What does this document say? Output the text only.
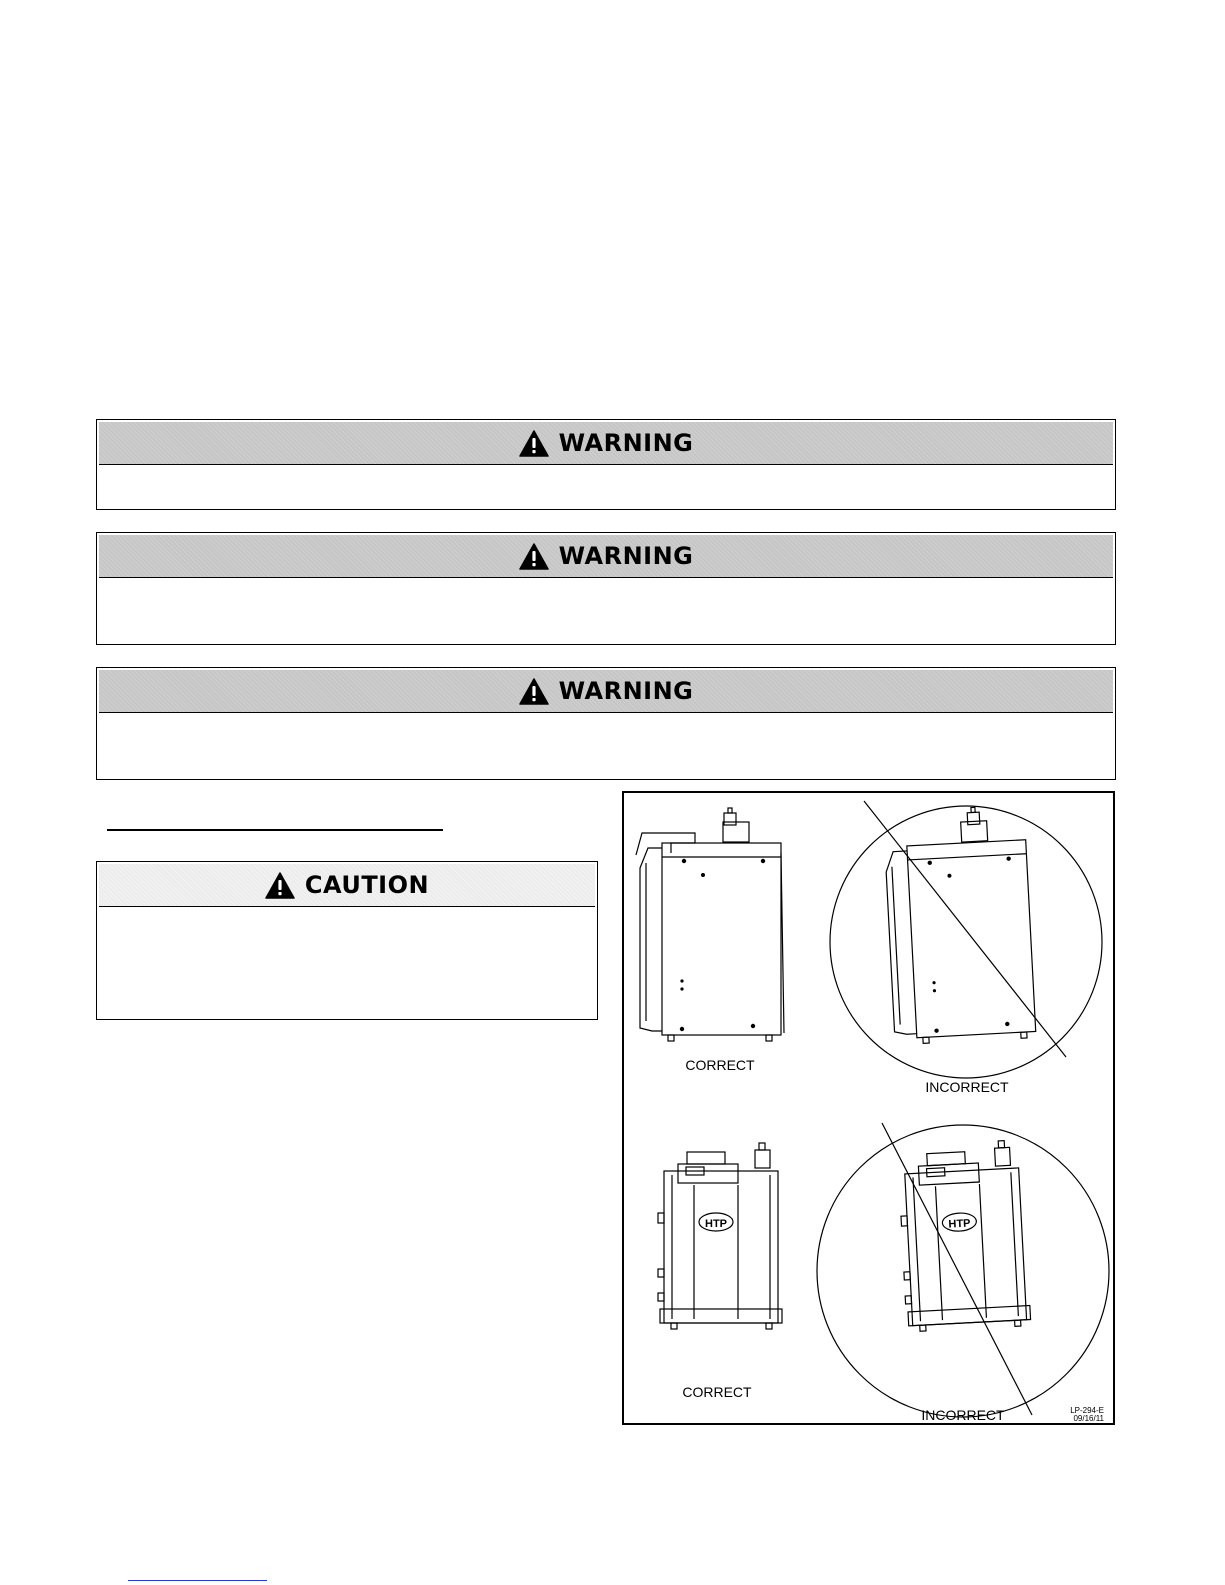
WARNING
WARNING
WARNING
CAUTION
CORRECT
INCORRECT
HTP
CORRECT
HTP
INCORRECT	LP-294-E
09/16/11
